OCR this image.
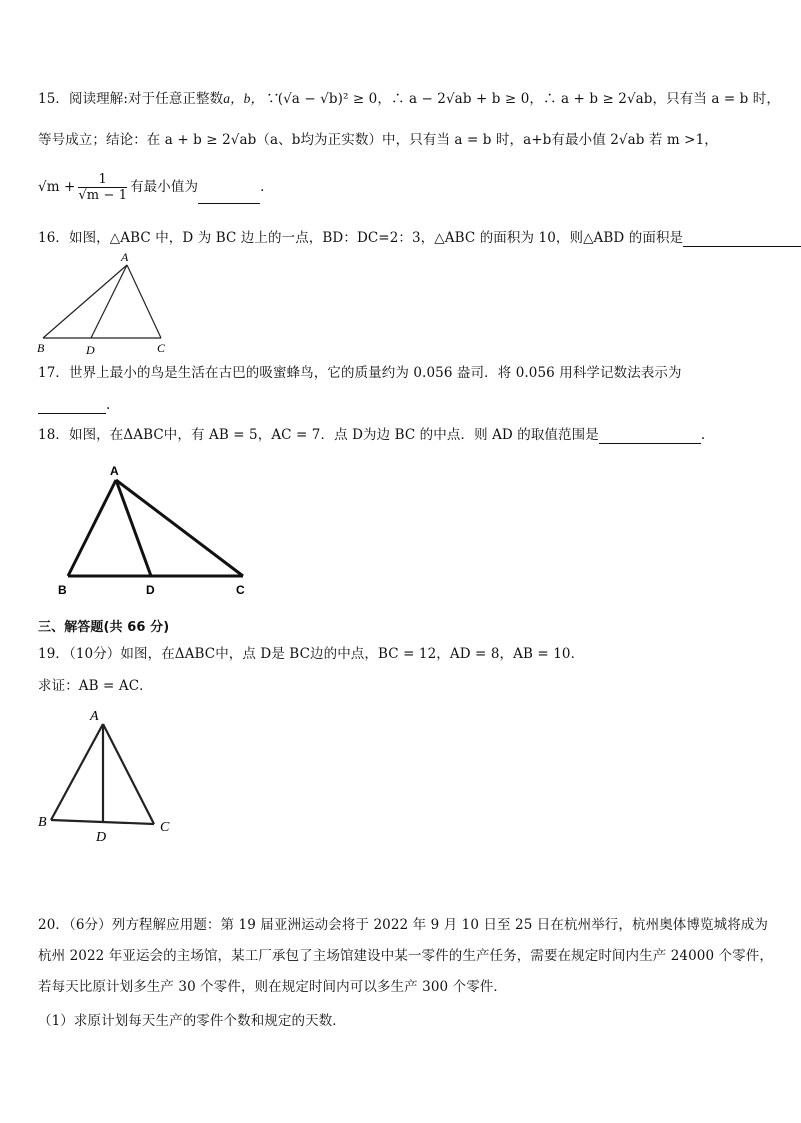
15．阅读理解:对于任意正整数a，b，∵(√a − √b)² ≥ 0，∴ a − 2√ab + b ≥ 0，∴ a + b ≥ 2√ab，只有当 a = b 时，
等号成立；结论：在 a + b ≥ 2√ab（a、b均为正实数）中，只有当 a = b 时，a+b有最小值 2√ab 若 m >1，
$√m + \frac{1}{√m - 1}$ 有最小值为	.
16．如图，△ABC 中，D 为 BC 边上的一点，BD：DC=2：3，△ABC 的面积为 10，则△ABD 的面积是
A
B	D	C
17．世界上最小的鸟是生活在古巴的吸蜜蜂鸟，它的质量约为 0.056 盎司．将 0.056 用科学记数法表示为
.
18．如图，在ΔABC中，有 AB = 5，AC = 7．点 D为边 BC 的中点．则 AD 的取值范围是	.
A
B	D	C
三、解答题(共 66 分)
19．（10分）如图，在ΔABC中，点 D是 BC边的中点，BC = 12，AD = 8，AB = 10．
求证：AB = AC．
A
B
D
C
20．（6分）列方程解应用题：第 19 届亚洲运动会将于 2022 年 9 月 10 日至 25 日在杭州举行，杭州奥体博览城将成为
杭州 2022 年亚运会的主场馆，某工厂承包了主场馆建设中某一零件的生产任务，需要在规定时间内生产 24000 个零件，
若每天比原计划多生产 30 个零件，则在规定时间内可以多生产 300 个零件．
（1）求原计划每天生产的零件个数和规定的天数．
